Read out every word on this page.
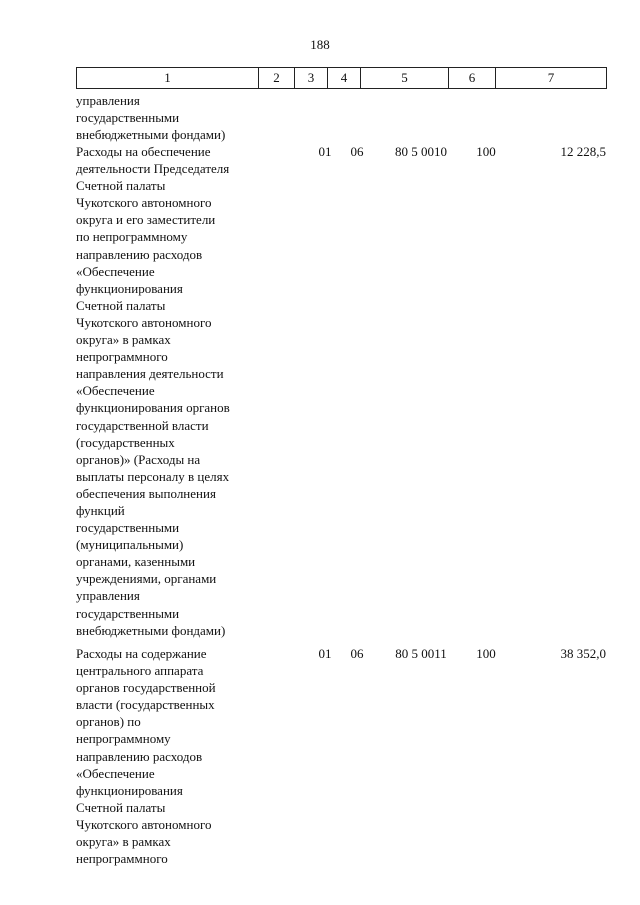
188
1	2	3	4	5	6	7
управления
государственными
внебюджетными фондами)
Расходы на обеспечение
деятельности Председателя
Счетной палаты
Чукотского автономного
округа и его заместители
по непрограммному
направлению расходов
«Обеспечение
функционирования
Счетной палаты
Чукотского автономного
округа» в рамках
непрограммного
направления деятельности
«Обеспечение
функционирования органов
государственной власти
(государственных
органов)» (Расходы на
выплаты персоналу в целях
обеспечения выполнения
функций
государственными
(муниципальными)
органами, казенными
учреждениями, органами
управления
государственными
внебюджетными фондами)
01	06	80 5 0010	100	12 228,5
Расходы на содержание
центрального аппарата
органов государственной
власти (государственных
органов) по
непрограммному
направлению расходов
«Обеспечение
функционирования
Счетной палаты
Чукотского автономного
округа» в рамках
непрограммного
01	06	80 5 0011	100	38 352,0
